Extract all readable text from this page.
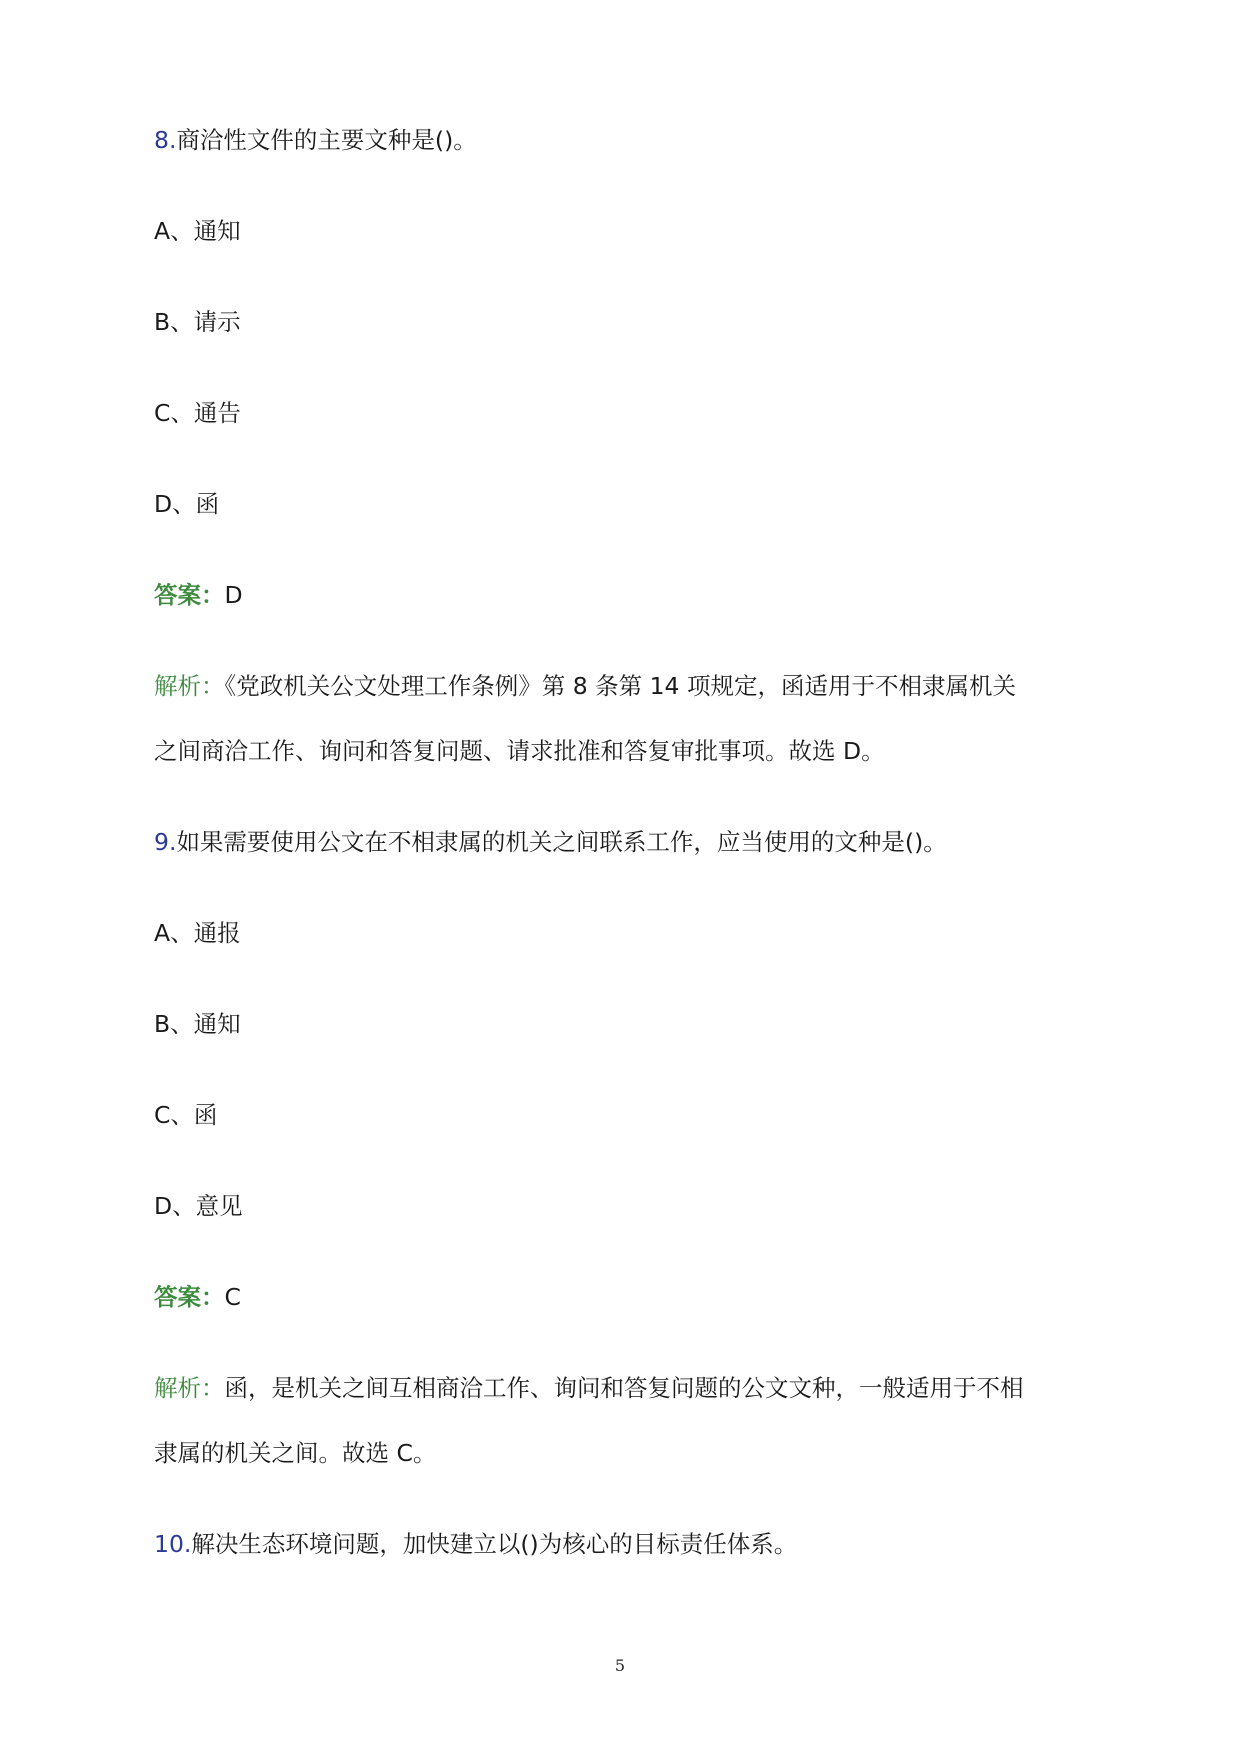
8.商洽性文件的主要文种是()。
A、通知
B、请示
C、通告
D、函
答案：D
解析：《党政机关公文处理工作条例》第 8 条第 14 项规定，函适用于不相隶属机关
之间商洽工作、询问和答复问题、请求批准和答复审批事项。故选 D。
9.如果需要使用公文在不相隶属的机关之间联系工作，应当使用的文种是()。
A、通报
B、通知
C、函
D、意见
答案：C
解析：函，是机关之间互相商洽工作、询问和答复问题的公文文种，一般适用于不相
隶属的机关之间。故选 C。
10.解决生态环境问题，加快建立以()为核心的目标责任体系。
5
